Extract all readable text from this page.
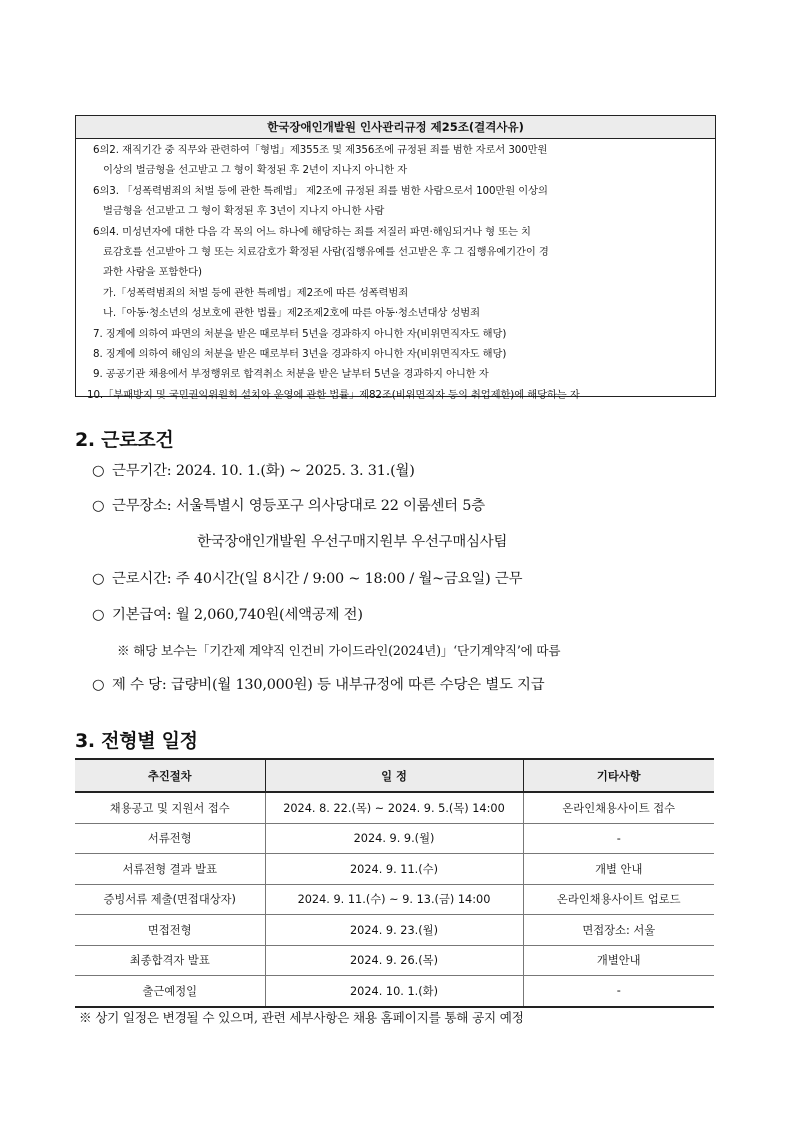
한국장애인개발원 인사관리규정 제25조(결격사유)
6의2. 재직기간 중 직무와 관련하여「형법」제355조 및 제356조에 규정된 죄를 범한 자로서 300만원
이상의 벌금형을 선고받고 그 형이 확정된 후 2년이 지나지 아니한 자
6의3. 「성폭력범죄의 처벌 등에 관한 특례법」 제2조에 규정된 죄를 범한 사람으로서 100만원 이상의
벌금형을 선고받고 그 형이 확정된 후 3년이 지나지 아니한 사람
6의4. 미성년자에 대한 다음 각 목의 어느 하나에 해당하는 죄를 저질러 파면·해임되거나 형 또는 치
료감호를 선고받아 그 형 또는 치료감호가 확정된 사람(집행유예를 선고받은 후 그 집행유예기간이 경
과한 사람을 포함한다)
가.「성폭력범죄의 처벌 등에 관한 특례법」제2조에 따른 성폭력범죄
나.「아동·청소년의 성보호에 관한 법률」제2조제2호에 따른 아동·청소년대상 성범죄
7. 징계에 의하여 파면의 처분을 받은 때로부터 5년을 경과하지 아니한 자(비위면직자도 해당)
8. 징계에 의하여 해임의 처분을 받은 때로부터 3년을 경과하지 아니한 자(비위면직자도 해당)
9. 공공기관 채용에서 부정행위로 합격취소 처분을 받은 날부터 5년을 경과하지 아니한 자
10.「부패방지 및 국민권익위원회 설치와 운영에 관한 법률」제82조(비위면직자 등의 취업제한)에 해당하는 자
2. 근로조건
○ 근무기간: 2024. 10. 1.(화) ~ 2025. 3. 31.(월)
○ 근무장소: 서울특별시 영등포구 의사당대로 22 이룸센터 5층
한국장애인개발원 우선구매지원부 우선구매심사팀
○ 근로시간: 주 40시간(일 8시간 / 9:00 ~ 18:00 / 월~금요일) 근무
○ 기본급여: 월 2,060,740원(세액공제 전)
※ 해당 보수는「기간제 계약직 인건비 가이드라인(2024년)」‘단기계약직’에 따름
○ 제 수 당: 급량비(월 130,000원) 등 내부규정에 따른 수당은 별도 지급
3. 전형별 일정
추진절차	일 정	기타사항
채용공고 및 지원서 접수	2024. 8. 22.(목) ~ 2024. 9. 5.(목) 14:00	온라인채용사이트 접수
서류전형	2024. 9. 9.(월)	-
서류전형 결과 발표	2024. 9. 11.(수)	개별 안내
증빙서류 제출(면접대상자)	2024. 9. 11.(수) ~ 9. 13.(금) 14:00	온라인채용사이트 업로드
면접전형	2024. 9. 23.(월)	면접장소: 서울
최종합격자 발표	2024. 9. 26.(목)	개별안내
출근예정일	2024. 10. 1.(화)	-
※ 상기 일정은 변경될 수 있으며, 관련 세부사항은 채용 홈페이지를 통해 공지 예정
